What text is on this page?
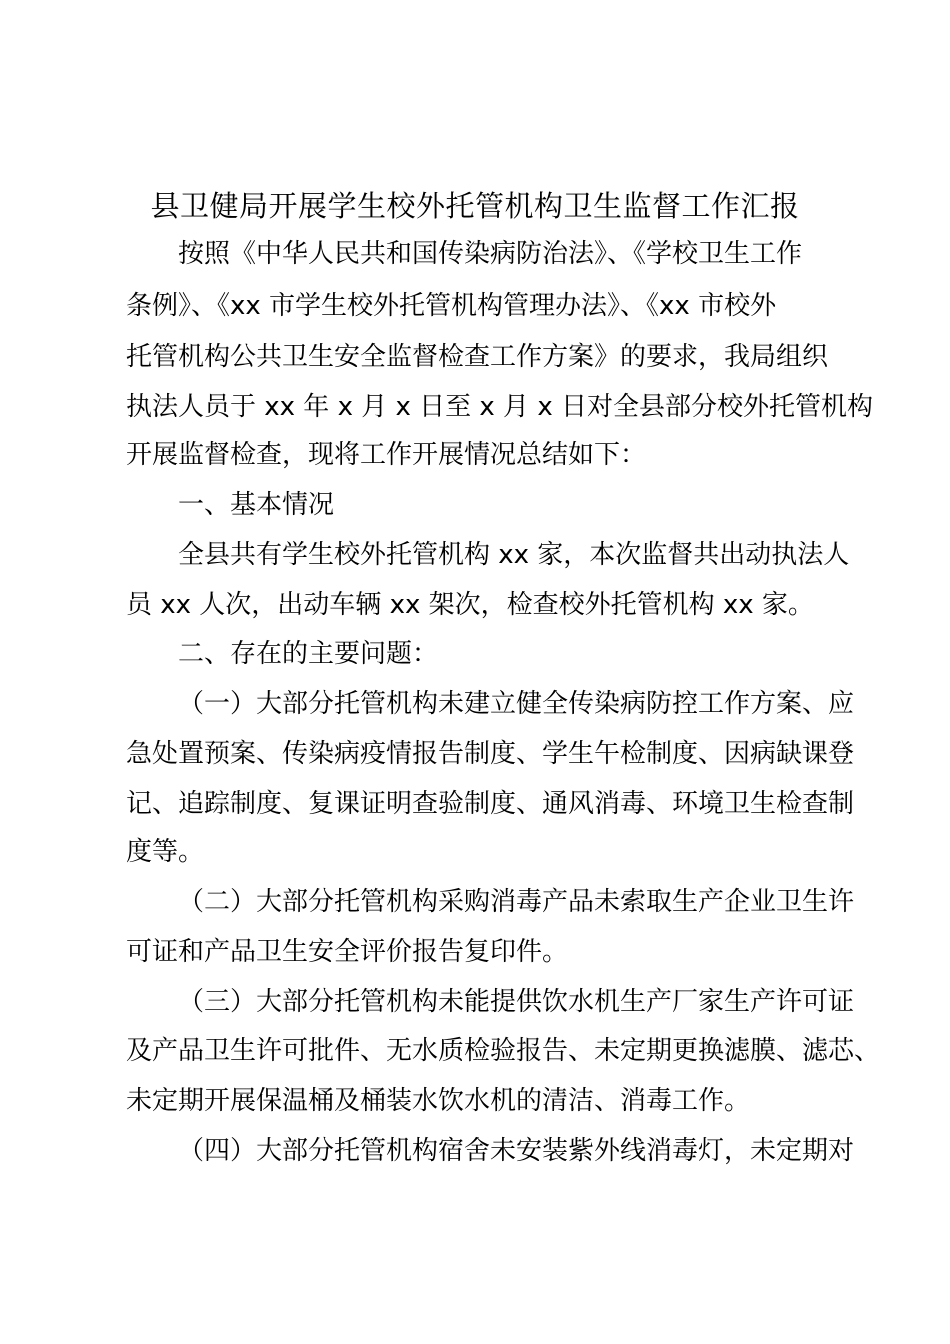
县卫健局开展学生校外托管机构卫生监督工作汇报
按照《中华人民共和国传染病防治法》、《学校卫生工作
条例》、《xx 市学生校外托管机构管理办法》、《xx 市校外
托管机构公共卫生安全监督检查工作方案》的要求，我局组织
执法人员于 xx 年 x 月 x 日至 x 月 x 日对全县部分校外托管机构
开展监督检查，现将工作开展情况总结如下：
一、基本情况
全县共有学生校外托管机构 xx 家，本次监督共出动执法人
员 xx 人次，出动车辆 xx 架次，检查校外托管机构 xx 家。
二、存在的主要问题：
（一）大部分托管机构未建立健全传染病防控工作方案、应
急处置预案、传染病疫情报告制度、学生午检制度、因病缺课登
记、追踪制度、复课证明查验制度、通风消毒、环境卫生检查制
度等。
（二）大部分托管机构采购消毒产品未索取生产企业卫生许
可证和产品卫生安全评价报告复印件。
（三）大部分托管机构未能提供饮水机生产厂家生产许可证
及产品卫生许可批件、无水质检验报告、未定期更换滤膜、滤芯、
未定期开展保温桶及桶装水饮水机的清洁、消毒工作。
（四）大部分托管机构宿舍未安装紫外线消毒灯，未定期对
